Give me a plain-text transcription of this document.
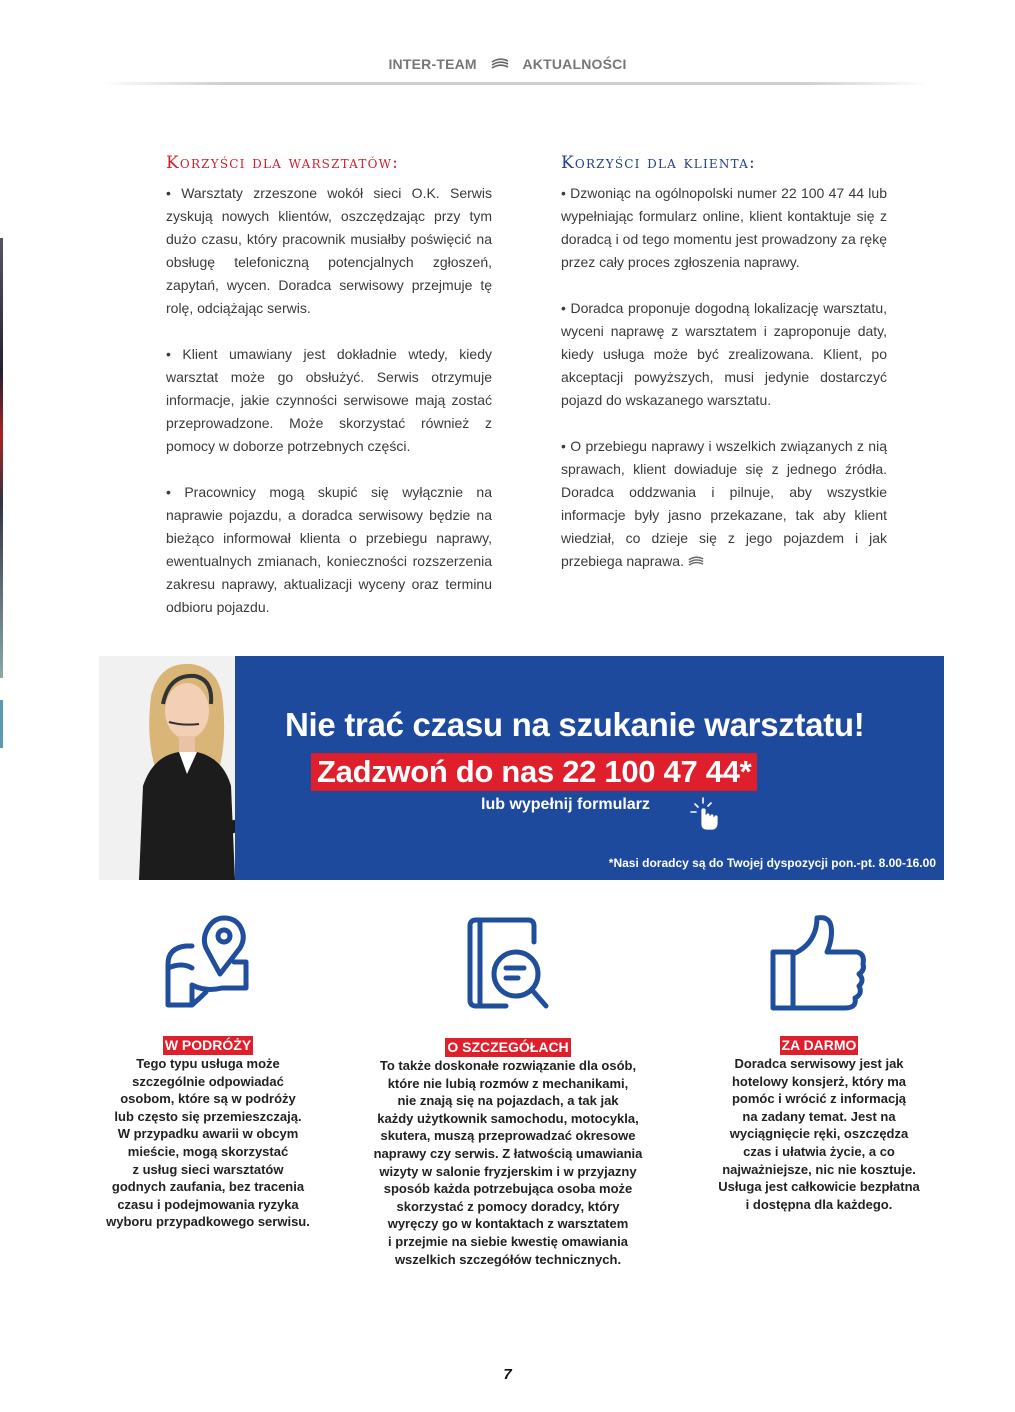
INTER-TEAM	AKTUALNOŚCI
Korzyści dla warsztatów:

• Warsztaty zrzeszone wokół sieci O.K. Serwis zyskują nowych klientów, oszczędzając przy tym dużo czasu, który pracownik musiałby poświęcić na obsługę telefoniczną potencjalnych zgłoszeń, zapytań, wycen. Doradca serwisowy przejmuje tę rolę, odciążając serwis.

• Klient umawiany jest dokładnie wtedy, kiedy warsztat może go obsłużyć. Serwis otrzymuje informacje, jakie czynności serwisowe mają zostać przeprowadzone. Może skorzystać również z pomocy w doborze potrzebnych części.

• Pracownicy mogą skupić się wyłącznie na naprawie pojazdu, a doradca serwisowy będzie na bieżąco informował klienta o przebiegu naprawy, ewentualnych zmianach, konieczności rozszerzenia zakresu naprawy, aktualizacji wyceny oraz terminu odbioru pojazdu.

Korzyści dla klienta:

• Dzwoniąc na ogólnopolski numer 22 100 47 44 lub wypełniając formularz online, klient kontaktuje się z doradcą i od tego momentu jest prowadzony za rękę przez cały proces zgłoszenia naprawy.

• Doradca proponuje dogodną lokalizację warsztatu, wyceni naprawę z warsztatem i zaproponuje daty, kiedy usługa może być zrealizowana. Klient, po akceptacji powyższych, musi jedynie dostarczyć pojazd do wskazanego warsztatu.

• O przebiegu naprawy i wszelkich związanych z nią sprawach, klient dowiaduje się z jednego źródła. Doradca oddzwania i pilnuje, aby wszystkie informacje były jasno przekazane, tak aby klient wiedział, co dzieje się z jego pojazdem i jak przebiega naprawa.

Nie trać czasu na szukanie warsztatu!
Zadzwoń do nas 22 100 47 44*
lub wypełnij formularz
*Nasi doradcy są do Twojej dyspozycji pon.-pt. 8.00-16.00
W PODRÓŻY

Tego typu usługa może
szczególnie odpowiadać
osobom, które są w podróży
lub często się przemieszczają.
W przypadku awarii w obcym
mieście, mogą skorzystać
z usług sieci warsztatów
godnych zaufania, bez tracenia
czasu i podejmowania ryzyka
wyboru przypadkowego serwisu.

O SZCZEGÓŁACH

To także doskonałe rozwiązanie dla osób,
które nie lubią rozmów z mechanikami,
nie znają się na pojazdach, a tak jak
każdy użytkownik samochodu, motocykla,
skutera, muszą przeprowadzać okresowe
naprawy czy serwis. Z łatwością umawiania
wizyty w salonie fryzjerskim i w przyjazny
sposób każda potrzebująca osoba może
skorzystać z pomocy doradcy, który
wyręczy go w kontaktach z warsztatem
i przejmie na siebie kwestię omawiania
wszelkich szczegółów technicznych.

ZA DARMO

Doradca serwisowy jest jak
hotelowy konsjerż, który ma
pomóc i wrócić z informacją
na zadany temat. Jest na
wyciągnięcie ręki, oszczędza
czas i ułatwia życie, a co
najważniejsze, nic nie kosztuje.
Usługa jest całkowicie bezpłatna
i dostępna dla każdego.

7
